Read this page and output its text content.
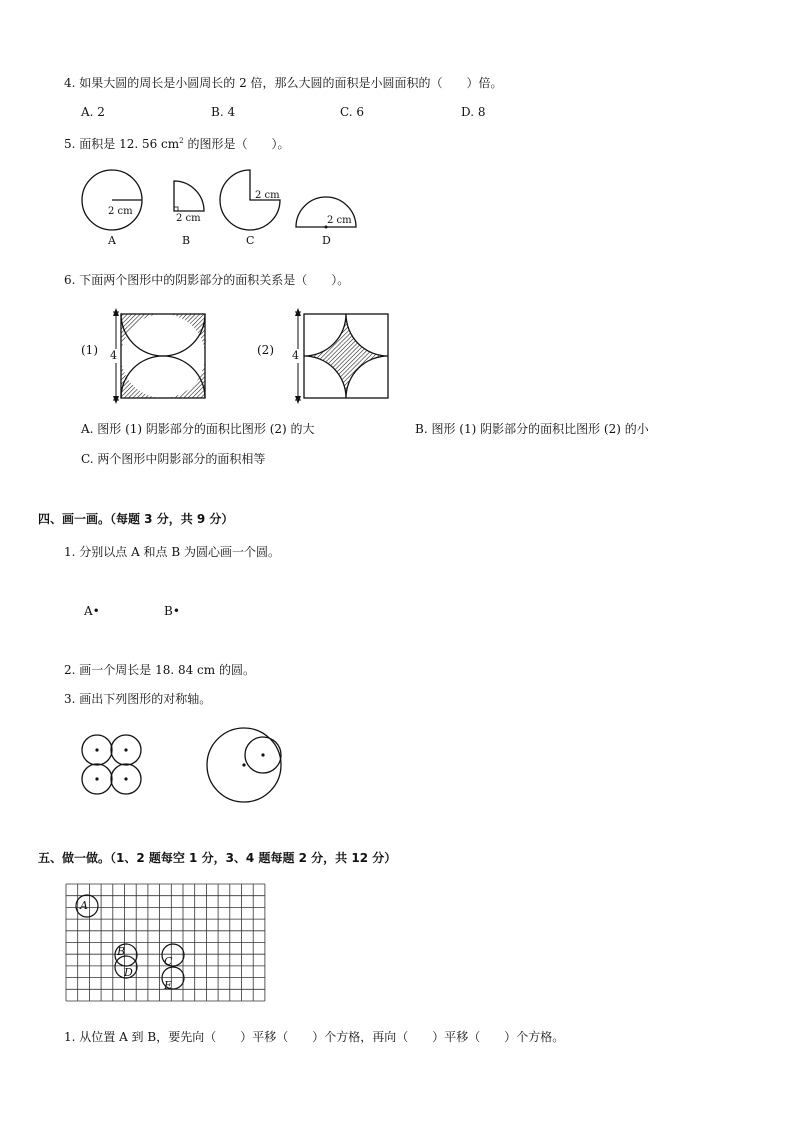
4. 如果大圆的周长是小圆周长的 2 倍，那么大圆的面积是小圆面积的（　　）倍。
A. 2	B. 4	C. 6	D. 8
5. 面积是 12. 56 $cm^2$ 的图形是（　　）。
2 cm
2 cm
2 cm
2 cm
A	B	C	D
6. 下面两个图形中的阴影部分的面积关系是（　　）。
(1)	(2)
4	4
A. 图形 (1) 阴影部分的面积比图形 (2) 的大	B. 图形 (1) 阴影部分的面积比图形 (2) 的小
C. 两个图形中阴影部分的面积相等
四、画一画。（每题 3 分，共 9 分）
1. 分别以点 A 和点 B 为圆心画一个圆。
A•	B•
2. 画一个周长是 18. 84 cm 的圆。
3. 画出下列图形的对称轴。
五、做一做。（1、2 题每空 1 分，3、4 题每题 2 分，共 12 分）
A
B
D
C
E
1. 从位置 A 到 B，要先向（　　）平移（　　）个方格，再向（　　）平移（　　）个方格。
